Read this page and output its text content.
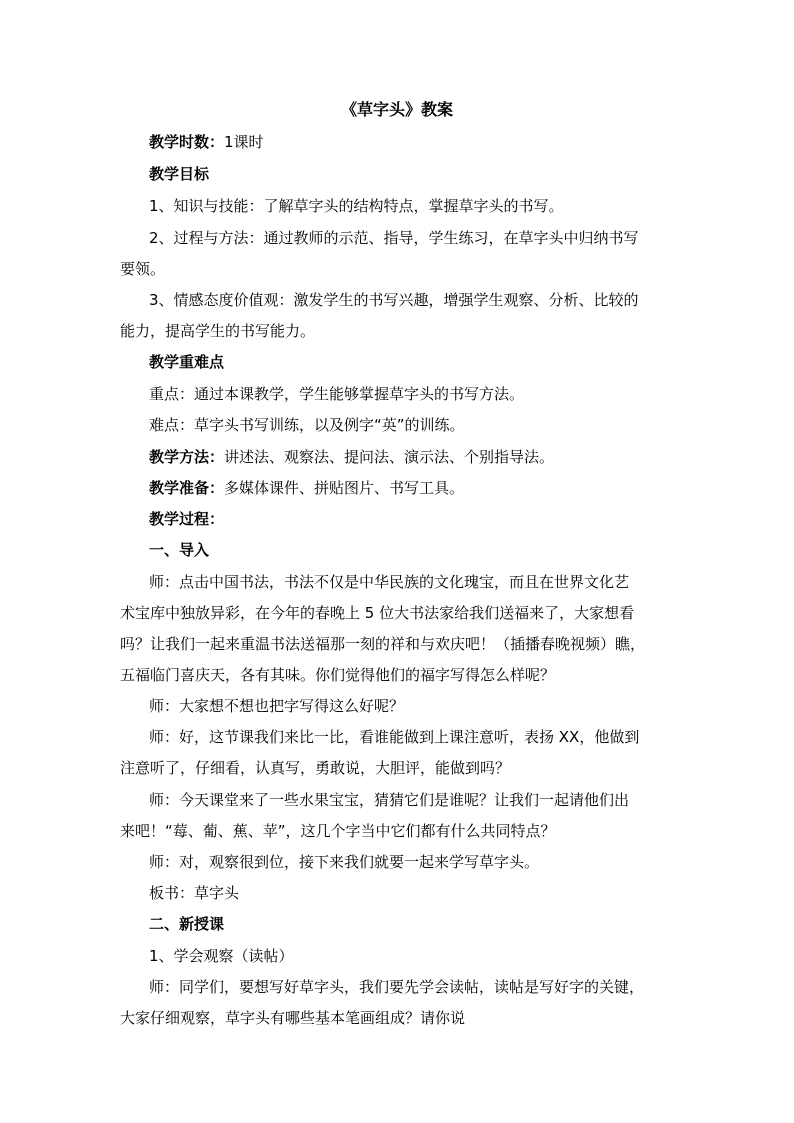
《草字头》教案
教学时数：1课时
教学目标
1、知识与技能：了解草字头的结构特点，掌握草字头的书写。
2、过程与方法：通过教师的示范、指导，学生练习，在草字头中归纳书写
要领。
3、情感态度价值观：激发学生的书写兴趣，增强学生观察、分析、比较的
能力，提高学生的书写能力。
教学重难点
重点：通过本课教学，学生能够掌握草字头的书写方法。
难点：草字头书写训练，以及例字“英”的训练。
教学方法：讲述法、观察法、提问法、演示法、个别指导法。
教学准备：多媒体课件、拼贴图片、书写工具。
教学过程：
一、导入
师：点击中国书法，书法不仅是中华民族的文化瑰宝，而且在世界文化艺
术宝库中独放异彩，在今年的春晚上 5 位大书法家给我们送福来了，大家想看
吗？让我们一起来重温书法送福那一刻的祥和与欢庆吧！（插播春晚视频）瞧，
五福临门喜庆天，各有其味。你们觉得他们的福字写得怎么样呢？
师：大家想不想也把字写得这么好呢？
师：好，这节课我们来比一比，看谁能做到上课注意听，表扬 XX，他做到
注意听了，仔细看，认真写，勇敢说，大胆评，能做到吗？
师：今天课堂来了一些水果宝宝，猜猜它们是谁呢？让我们一起请他们出
来吧！“莓、葡、蕉、苹”，这几个字当中它们都有什么共同特点？
师：对，观察很到位，接下来我们就要一起来学写草字头。
板书：草字头
二、新授课
1、学会观察（读帖）
师：同学们，要想写好草字头，我们要先学会读帖，读帖是写好字的关键，
大家仔细观察，草字头有哪些基本笔画组成？请你说
